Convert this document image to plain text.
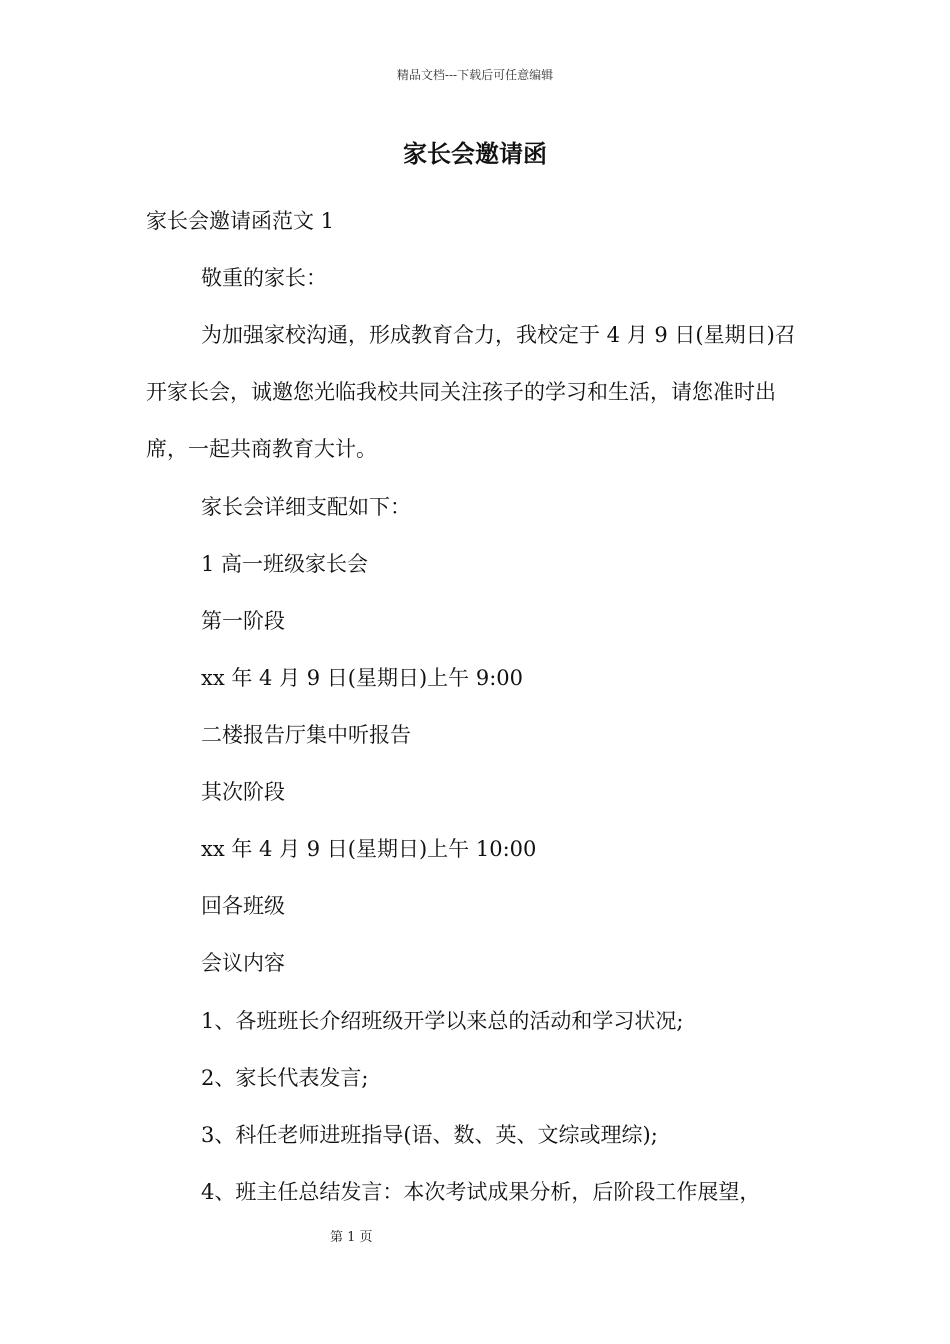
精品文档---下载后可任意编辑
家长会邀请函

家长会邀请函范文 1

敬重的家长：

为加强家校沟通，形成教育合力，我校定于 4 月 9 日(星期日)召开家长会，诚邀您光临我校共同关注孩子的学习和生活，请您准时出席，一起共商教育大计。

家长会详细支配如下：

1 高一班级家长会

第一阶段

xx 年 4 月 9 日(星期日)上午 9:00

二楼报告厅集中听报告

其次阶段

xx 年 4 月 9 日(星期日)上午 10:00

回各班级

会议内容

1、各班班长介绍班级开学以来总的活动和学习状况;

2、家长代表发言;

3、科任老师进班指导(语、数、英、文综或理综);

4、班主任总结发言：本次考试成果分析，后阶段工作展望，

第 1 页
